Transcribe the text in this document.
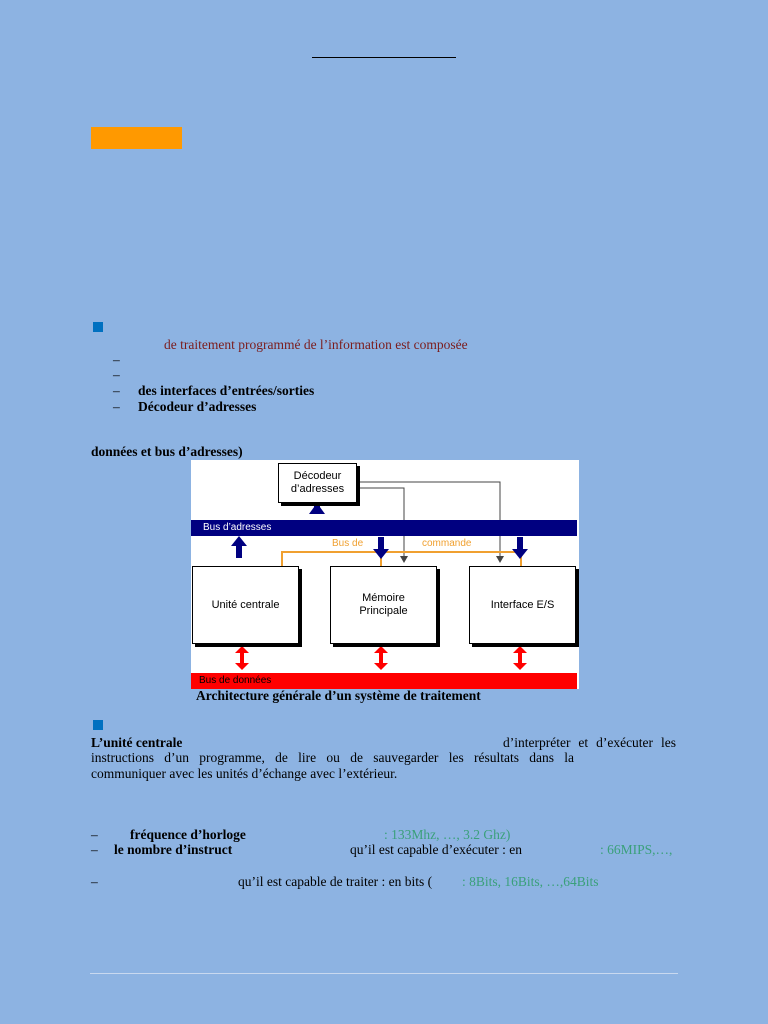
de traitement programmé de l’information est composée
–
–
– des interfaces d’entrées/sorties
– Décodeur d’adresses
données et bus d’adresses)
Décodeur
d’adresses
Bus d’adresses
Bus de	commande
Unité centrale
Mémoire
Principale
Interface E/S
Bus de données
Architecture générale d’un système de traitement
L’unité centrale	d’interpréter et d’exécuter les
instructions d’un programme, de lire ou de sauvegarder les résultats dans la
communiquer avec les unités d’échange avec l’extérieur.
– fréquence d’horloge	: 133Mhz, …, 3.2 Ghz)
– le nombre d’instruct	qu’il est capable d’exécuter : en	: 66MIPS,…,
–	qu’il est capable de traiter : en bits ( : 8Bits, 16Bits, …,64Bits
